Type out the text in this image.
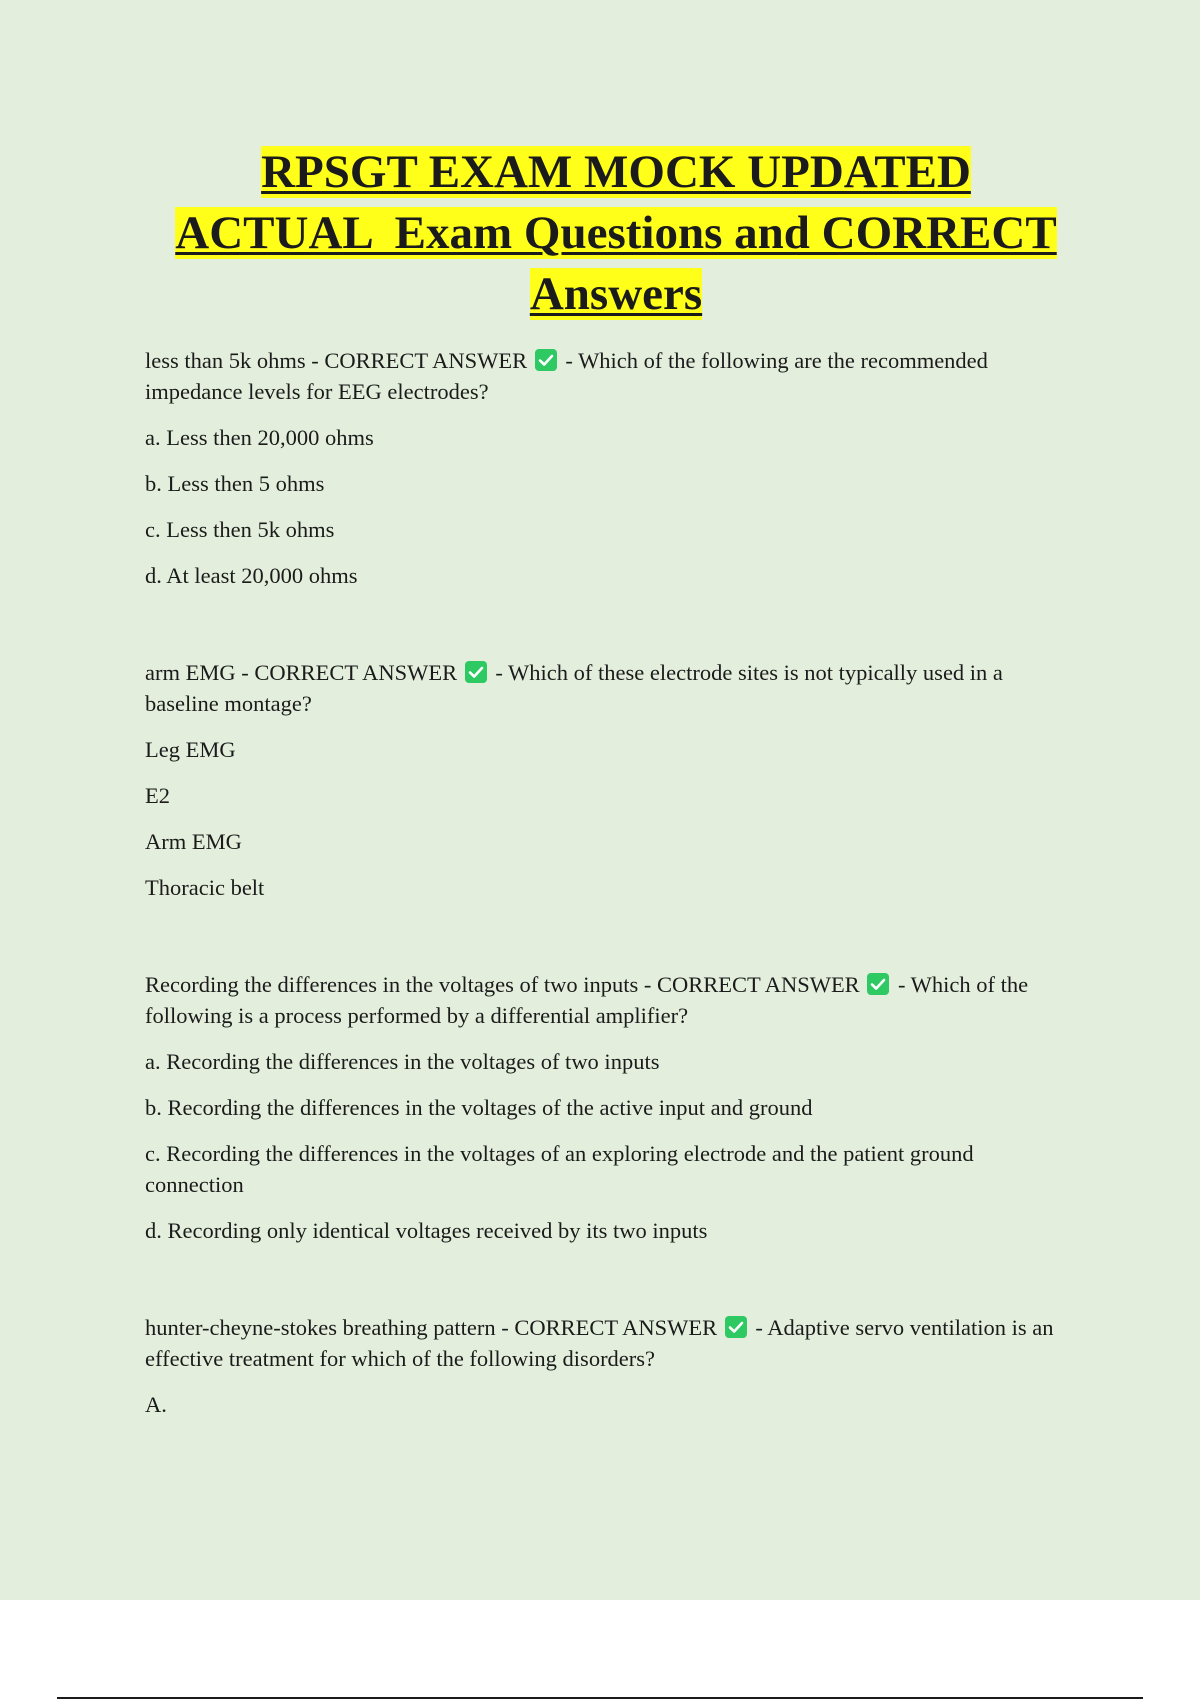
RPSGT EXAM MOCK UPDATED
ACTUAL  Exam Questions and CORRECT
Answers
less than 5k ohms - CORRECT ANSWER - Which of the following are the recommended impedance levels for EEG electrodes?
a. Less then 20,000 ohms
b. Less then 5 ohms
c. Less then 5k ohms
d. At least 20,000 ohms
arm EMG - CORRECT ANSWER - Which of these electrode sites is not typically used in a baseline montage?
Leg EMG
E2
Arm EMG
Thoracic belt
Recording the differences in the voltages of two inputs - CORRECT ANSWER - Which of the following is a process performed by a differential amplifier?
a. Recording the differences in the voltages of two inputs
b. Recording the differences in the voltages of the active input and ground
c. Recording the differences in the voltages of an exploring electrode and the patient ground connection
d. Recording only identical voltages received by its two inputs
hunter-cheyne-stokes breathing pattern - CORRECT ANSWER - Adaptive servo ventilation is an effective treatment for which of the following disorders?
A.
